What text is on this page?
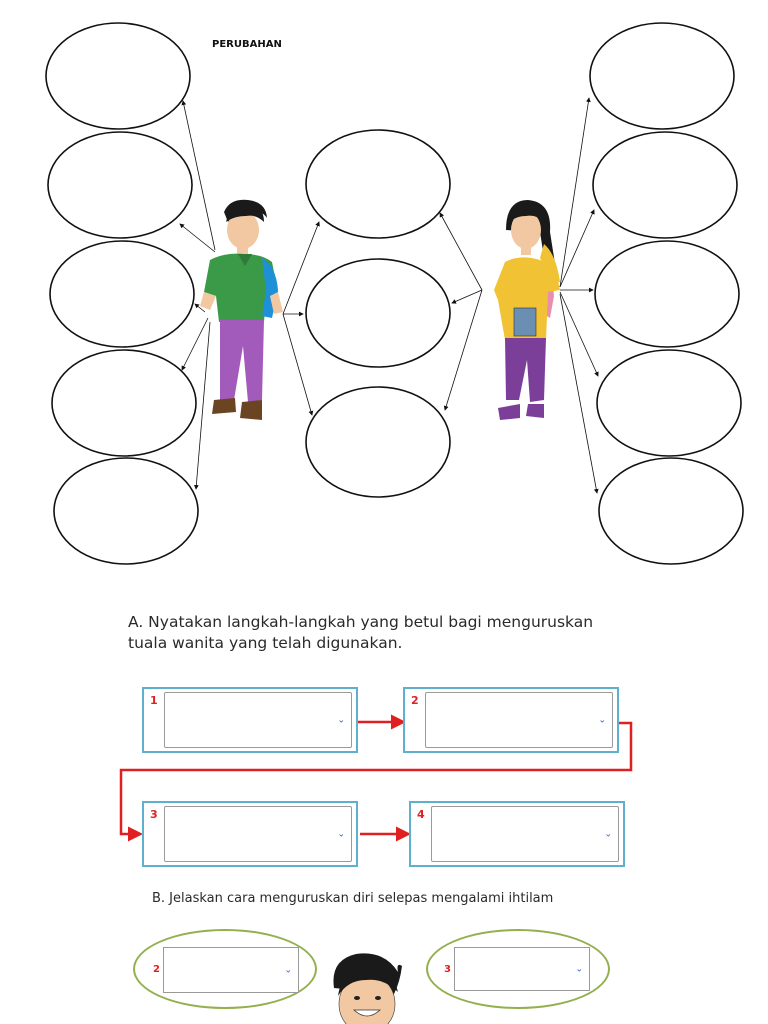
PERUBAHAN
A. Nyatakan langkah-langkah yang betul bagi menguruskan
tuala wanita yang telah digunakan.
1
⌄
2
⌄
3
⌄
4
⌄
B. Jelaskan cara menguruskan diri selepas mengalami ihtilam
2	⌄	3	⌄
